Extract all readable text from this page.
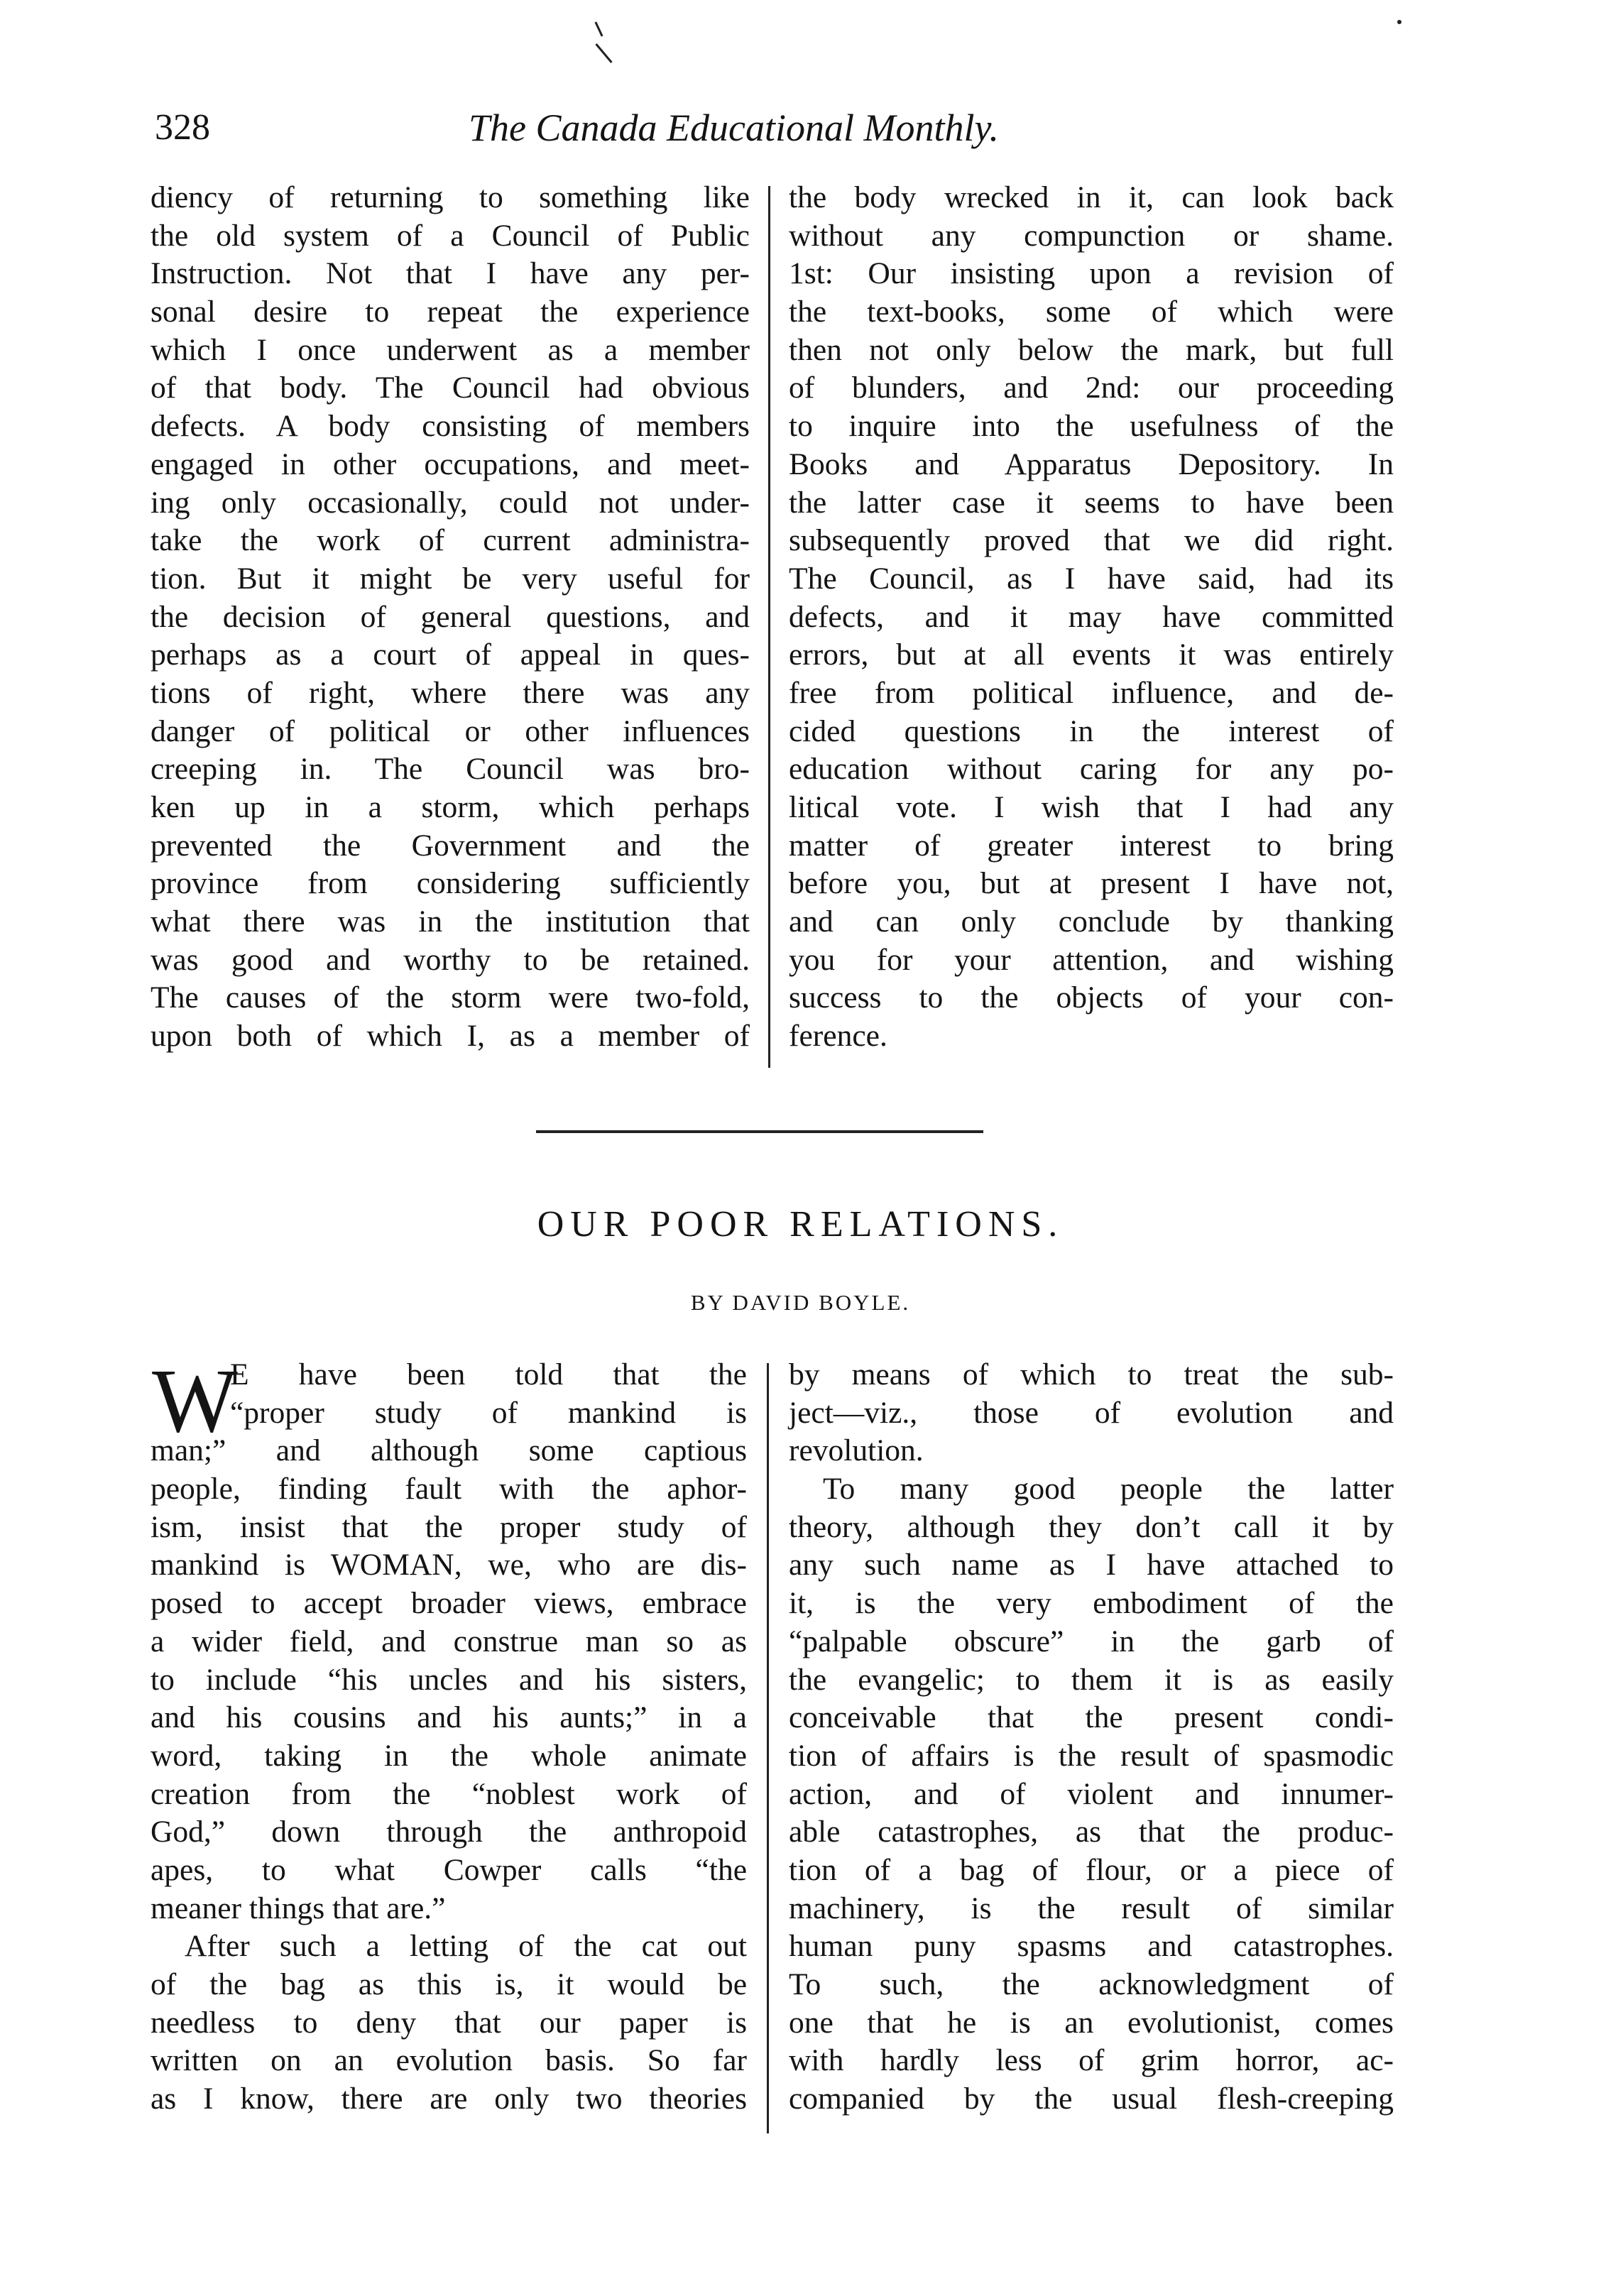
328	The Canada Educational Monthly.
diency of returning to something like
the old system of a Council of Public
Instruction. Not that I have any per-
sonal desire to repeat the experience
which I once underwent as a member
of that body. The Council had obvious
defects. A body consisting of members
engaged in other occupations, and meet-
ing only occasionally, could not under-
take the work of current administra-
tion. But it might be very useful for
the decision of general questions, and
perhaps as a court of appeal in ques-
tions of right, where there was any
danger of political or other influences
creeping in. The Council was bro-
ken up in a storm, which perhaps
prevented the Government and the
province from considering sufficiently
what there was in the institution that
was good and worthy to be retained.
The causes of the storm were two-fold,
upon both of which I, as a member of
the body wrecked in it, can look back
without any compunction or shame.
1st: Our insisting upon a revision of
the text-books, some of which were
then not only below the mark, but full
of blunders, and 2nd: our proceeding
to inquire into the usefulness of the
Books and Apparatus Depository. In
the latter case it seems to have been
subsequently proved that we did right.
The Council, as I have said, had its
defects, and it may have committed
errors, but at all events it was entirely
free from political influence, and de-
cided questions in the interest of
education without caring for any po-
litical vote. I wish that I had any
matter of greater interest to bring
before you, but at present I have not,
and can only conclude by thanking
you for your attention, and wishing
success to the objects of your con-
ference.
OUR POOR RELATIONS.
BY DAVID BOYLE.
W
E have been told that the
“proper study of mankind is
man;” and although some captious
people, finding fault with the aphor-
ism, insist that the proper study of
mankind is WOMAN, we, who are dis-
posed to accept broader views, embrace
a wider field, and construe man so as
to include “his uncles and his sisters,
and his cousins and his aunts;” in a
word, taking in the whole animate
creation from the “noblest work of
God,” down through the anthropoid
apes, to what Cowper calls “the
meaner things that are.”
After such a letting of the cat out
of the bag as this is, it would be
needless to deny that our paper is
written on an evolution basis. So far
as I know, there are only two theories
by means of which to treat the sub-
ject—viz., those of evolution and
revolution.
To many good people the latter
theory, although they don’t call it by
any such name as I have attached to
it, is the very embodiment of the
“palpable obscure” in the garb of
the evangelic; to them it is as easily
conceivable that the present condi-
tion of affairs is the result of spasmodic
action, and of violent and innumer-
able catastrophes, as that the produc-
tion of a bag of flour, or a piece of
machinery, is the result of similar
human puny spasms and catastrophes.
To such, the acknowledgment of
one that he is an evolutionist, comes
with hardly less of grim horror, ac-
companied by the usual flesh-creeping
